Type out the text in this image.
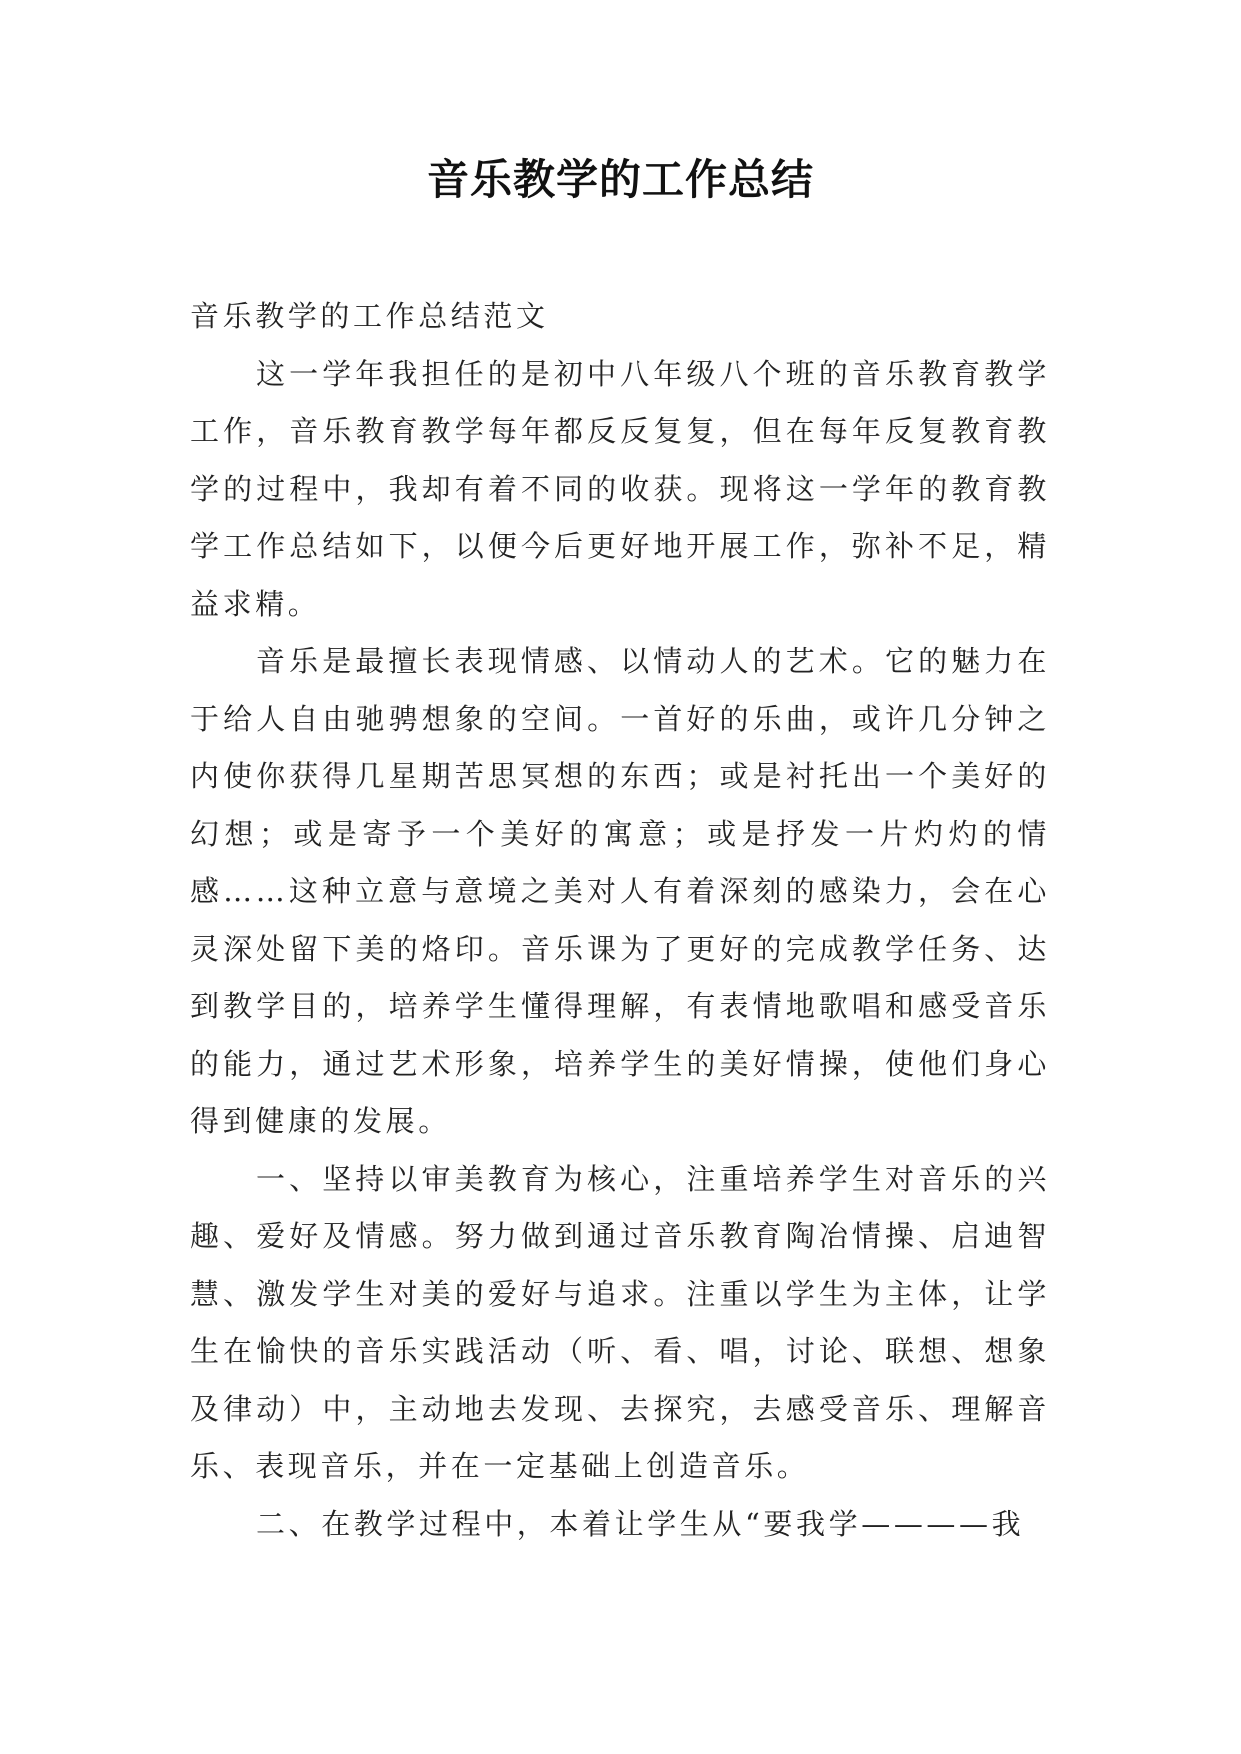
音乐教学的工作总结

音乐教学的工作总结范文

这一学年我担任的是初中八年级八个班的音乐教育教学工作，音乐教育教学每年都反反复复，但在每年反复教育教学的过程中，我却有着不同的收获。现将这一学年的教育教学工作总结如下，以便今后更好地开展工作，弥补不足，精益求精。

音乐是最擅长表现情感、以情动人的艺术。它的魅力在于给人自由驰骋想象的空间。一首好的乐曲，或许几分钟之内使你获得几星期苦思冥想的东西；或是衬托出一个美好的幻想；或是寄予一个美好的寓意；或是抒发一片灼灼的情感……这种立意与意境之美对人有着深刻的感染力，会在心灵深处留下美的烙印。音乐课为了更好的完成教学任务、达到教学目的，培养学生懂得理解，有表情地歌唱和感受音乐的能力，通过艺术形象，培养学生的美好情操，使他们身心得到健康的发展。

一、坚持以审美教育为核心，注重培养学生对音乐的兴趣、爱好及情感。努力做到通过音乐教育陶冶情操、启迪智慧、激发学生对美的爱好与追求。注重以学生为主体，让学生在愉快的音乐实践活动（听、看、唱，讨论、联想、想象及律动）中，主动地去发现、去探究，去感受音乐、理解音乐、表现音乐，并在一定基础上创造音乐。

二、在教学过程中，本着让学生从“要我学————我
